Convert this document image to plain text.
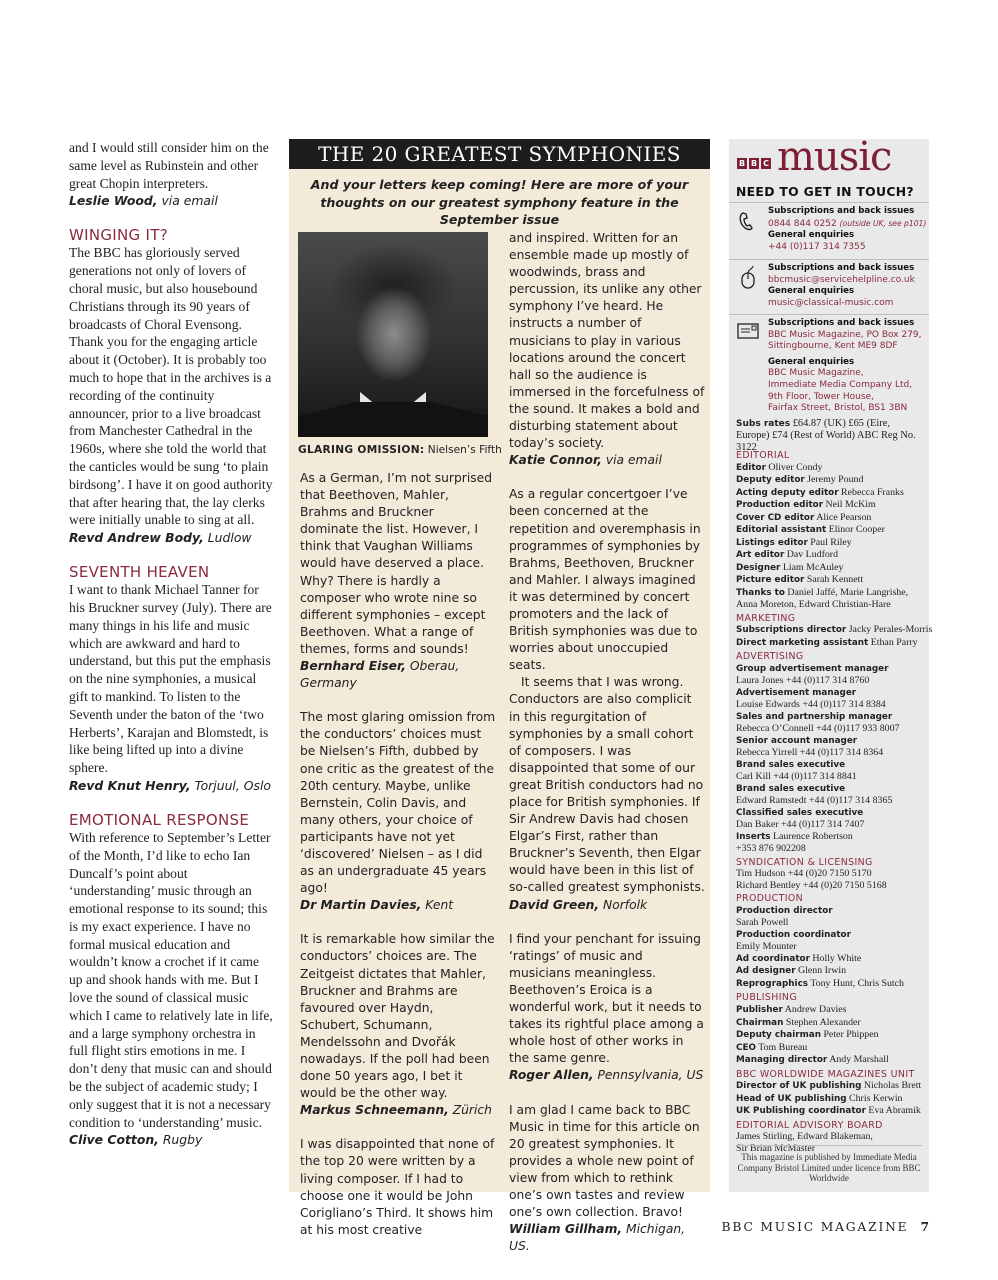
and I would still consider him on the same level as Rubinstein and other great Chopin interpreters.

Leslie Wood, via email
WINGING IT?

The BBC has gloriously served generations not only of lovers of choral music, but also housebound Christians through its 90 years of broadcasts of Choral Evensong. Thank you for the engaging article about it (October). It is probably too much to hope that in the archives is a recording of the continuity announcer, prior to a live broadcast from Manchester Cathedral in the 1960s, where she told the world that the canticles would be sung ‘to plain birdsong’. I have it on good authority that after hearing that, the lay clerks were initially unable to sing at all.

Revd Andrew Body, Ludlow
SEVENTH HEAVEN

I want to thank Michael Tanner for his Bruckner survey (July). There are many things in his life and music which are awkward and hard to understand, but this put the emphasis on the nine symphonies, a musical gift to mankind. To listen to the Seventh under the baton of the ‘two Herberts’, Karajan and Blomstedt, is like being lifted up into a divine sphere.

Revd Knut Henry, Torjuul, Oslo
EMOTIONAL RESPONSE

With reference to September’s Letter of the Month, I’d like to echo Ian Duncalf’s point about ‘understanding’ music through an emotional response to its sound; this is my exact experience. I have no formal musical education and wouldn’t know a crochet if it came up and shook hands with me. But I love the sound of classical music which I came to relatively late in life, and a large symphony orchestra in full flight stirs emotions in me. I don’t deny that music can and should be the subject of academic study; I only suggest that it is not a necessary condition to ‘understanding’ music.

Clive Cotton, Rugby
THE 20 GREATEST SYMPHONIES

And your letters keep coming! Here are more of your thoughts on our greatest symphony feature in the September issue

GLARING OMISSION: Nielsen’s Fifth

As a German, I’m not surprised that Beethoven, Mahler, Brahms and Bruckner dominate the list. However, I think that Vaughan Williams would have deserved a place. Why? There is hardly a composer who wrote nine so different symphonies – except Beethoven. What a range of themes, forms and sounds!

Bernhard Eiser, Oberau, Germany

The most glaring omission from the conductors’ choices must be Nielsen’s Fifth, dubbed by one critic as the greatest of the 20th century. Maybe, unlike Bernstein, Colin Davis, and many others, your choice of participants have not yet ‘discovered’ Nielsen – as I did as an undergraduate 45 years ago!

Dr Martin Davies, Kent

It is remarkable how similar the conductors’ choices are. The Zeitgeist dictates that Mahler, Bruckner and Brahms are favoured over Haydn, Schubert, Schumann, Mendelssohn and Dvořák nowadays. If the poll had been done 50 years ago, I bet it would be the other way.

Markus Schneemann, Zürich

I was disappointed that none of the top 20 were written by a living composer. If I had to choose one it would be John Corigliano’s Third. It shows him at his most creative

and inspired. Written for an ensemble made up mostly of woodwinds, brass and percussion, its unlike any other symphony I’ve heard. He instructs a number of musicians to play in various locations around the concert hall so the audience is immersed in the forcefulness of the sound. It makes a bold and disturbing statement about today’s society.

Katie Connor, via email

As a regular concertgoer I’ve been concerned at the repetition and overemphasis in programmes of symphonies by Brahms, Beethoven, Bruckner and Mahler. I always imagined it was determined by concert promoters and the lack of British symphonies was due to worries about unoccupied seats.

It seems that I was wrong. Conductors are also complicit in this regurgitation of symphonies by a small cohort of composers. I was disappointed that some of our great British conductors had no place for British symphonies. If Sir Andrew Davis had chosen Elgar’s First, rather than Bruckner’s Seventh, then Elgar would have been in this list of so-called greatest symphonists.

David Green, Norfolk

I find your penchant for issuing ‘ratings’ of music and musicians meaningless. Beethoven’s Eroica is a wonderful work, but it needs to takes its rightful place among a whole host of other works in the same genre.

Roger Allen, Pennsylvania, US

I am glad I came back to BBC Music in time for this article on 20 greatest symphonies. It provides a whole new point of view from which to rethink one’s own tastes and review one’s own collection. Bravo!

William Gillham, Michigan, US.
B B C music
NEED TO GET IN TOUCH?
Subscriptions and back issues
0844 844 0252 (outside UK, see p101)
General enquiries
+44 (0)117 314 7355
Subscriptions and back issues
bbcmusic@servicehelpline.co.uk
General enquiries
music@classical-music.com
Subscriptions and back issues
BBC Music Magazine, PO Box 279,
Sittingbourne, Kent ME9 8DF
General enquiries
BBC Music Magazine,
Immediate Media Company Ltd,
9th Floor, Tower House,
Fairfax Street, Bristol, BS1 3BN
Subs rates £64.87 (UK) £65 (Eire, Europe) £74 (Rest of World) ABC Reg No. 3122
EDITORIAL
Editor Oliver Condy
Deputy editor Jeremy Pound
Acting deputy editor Rebecca Franks
Production editor Neil McKim
Cover CD editor Alice Pearson
Editorial assistant Elinor Cooper
Listings editor Paul Riley
Art editor Dav Ludford
Designer Liam McAuley
Picture editor Sarah Kennett
Thanks to Daniel Jaffé, Marie Langrishe,
Anna Moreton, Edward Christian-Hare
MARKETING
Subscriptions director Jacky Perales-Morris
Direct marketing assistant Ethan Parry
ADVERTISING
Group advertisement manager
Laura Jones +44 (0)117 314 8760
Advertisement manager
Louise Edwards +44 (0)117 314 8384
Sales and partnership manager
Rebecca O’Connell +44 (0)117 933 8007
Senior account manager
Rebecca Yirrell +44 (0)117 314 8364
Brand sales executive
Carl Kill +44 (0)117 314 8841
Brand sales executive
Edward Ramstedt +44 (0)117 314 8365
Classified sales executive
Dan Baker +44 (0)117 314 7407
Inserts Laurence Robertson
+353 876 902208
SYNDICATION & LICENSING
Tim Hudson +44 (0)20 7150 5170
Richard Bentley +44 (0)20 7150 5168
PRODUCTION
Production director
Sarah Powell
Production coordinator
Emily Mounter
Ad coordinator Holly White
Ad designer Glenn Irwin
Reprographics Tony Hunt, Chris Sutch
PUBLISHING
Publisher Andrew Davies
Chairman Stephen Alexander
Deputy chairman Peter Phippen
CEO Tom Bureau
Managing director Andy Marshall
BBC WORLDWIDE MAGAZINES UNIT
Director of UK publishing Nicholas Brett
Head of UK publishing Chris Kerwin
UK Publishing coordinator Eva Abramik
EDITORIAL ADVISORY BOARD
James Stirling, Edward Blakeman,
Sir Brian McMaster
This magazine is published by Immediate Media Company Bristol Limited under licence from BBC Worldwide
BBC MUSIC MAGAZINE 7
